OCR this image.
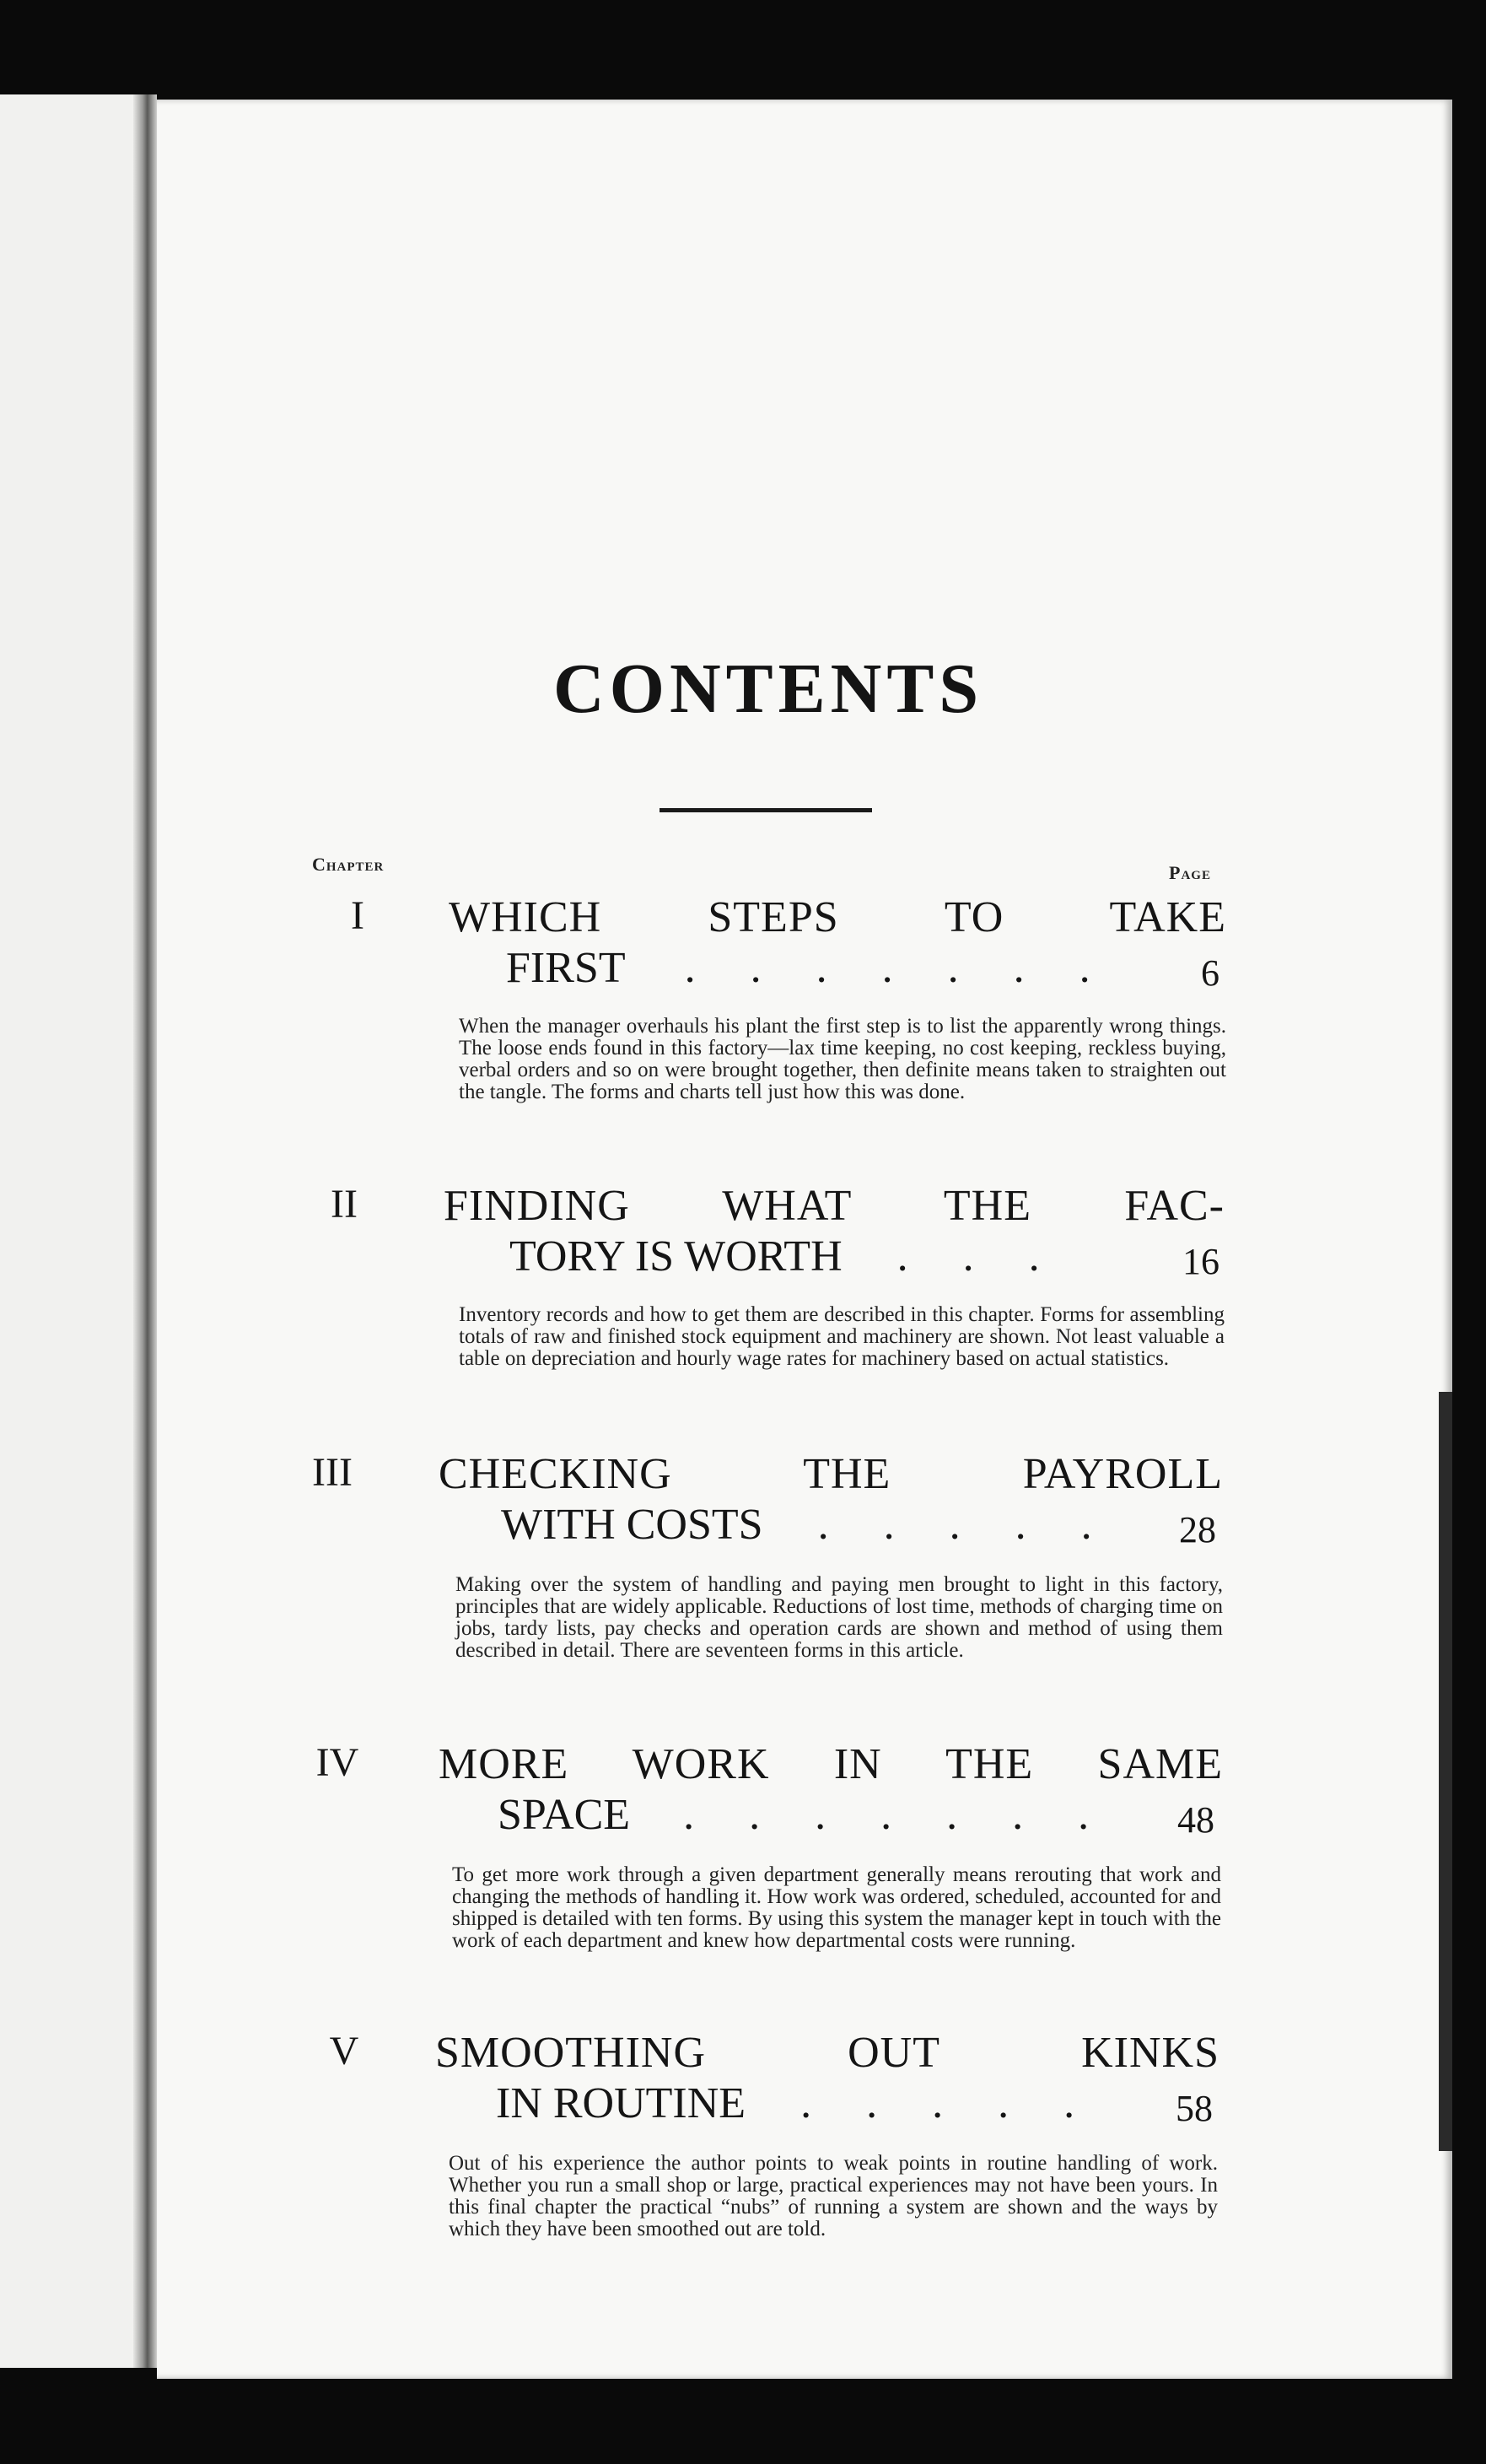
CONTENTS
Chapter	Page
I	WHICH STEPS TO TAKE
FIRST . . . . . . .	6
When the manager overhauls his plant the first step is to list the apparently wrong things. The loose ends found in this factory—lax time keeping, no cost keeping, reckless buying, verbal orders and so on were brought together, then definite means taken to straighten out the tangle. The forms and charts tell just how this was done.
II	FINDING WHAT THE FAC-
TORY IS WORTH . . .	16
Inventory records and how to get them are described in this chapter. Forms for assembling totals of raw and finished stock equipment and machinery are shown. Not least valuable a table on depreciation and hourly wage rates for machinery based on actual statistics.
III	CHECKING THE PAYROLL
WITH COSTS . . . . .	28
Making over the system of handling and paying men brought to light in this factory, principles that are widely applicable. Reductions of lost time, methods of charging time on jobs, tardy lists, pay checks and operation cards are shown and method of using them described in detail. There are seventeen forms in this article.
IV	MORE WORK IN THE SAME
SPACE . . . . . . .	48
To get more work through a given department generally means rerouting that work and changing the methods of handling it. How work was ordered, scheduled, accounted for and shipped is detailed with ten forms. By using this system the manager kept in touch with the work of each department and knew how departmental costs were running.
V	SMOOTHING OUT KINKS
IN ROUTINE . . . . .	58
Out of his experience the author points to weak points in routine handling of work. Whether you run a small shop or large, practical experiences may not have been yours. In this final chapter the practical “nubs” of running a system are shown and the ways by which they have been smoothed out are told.
